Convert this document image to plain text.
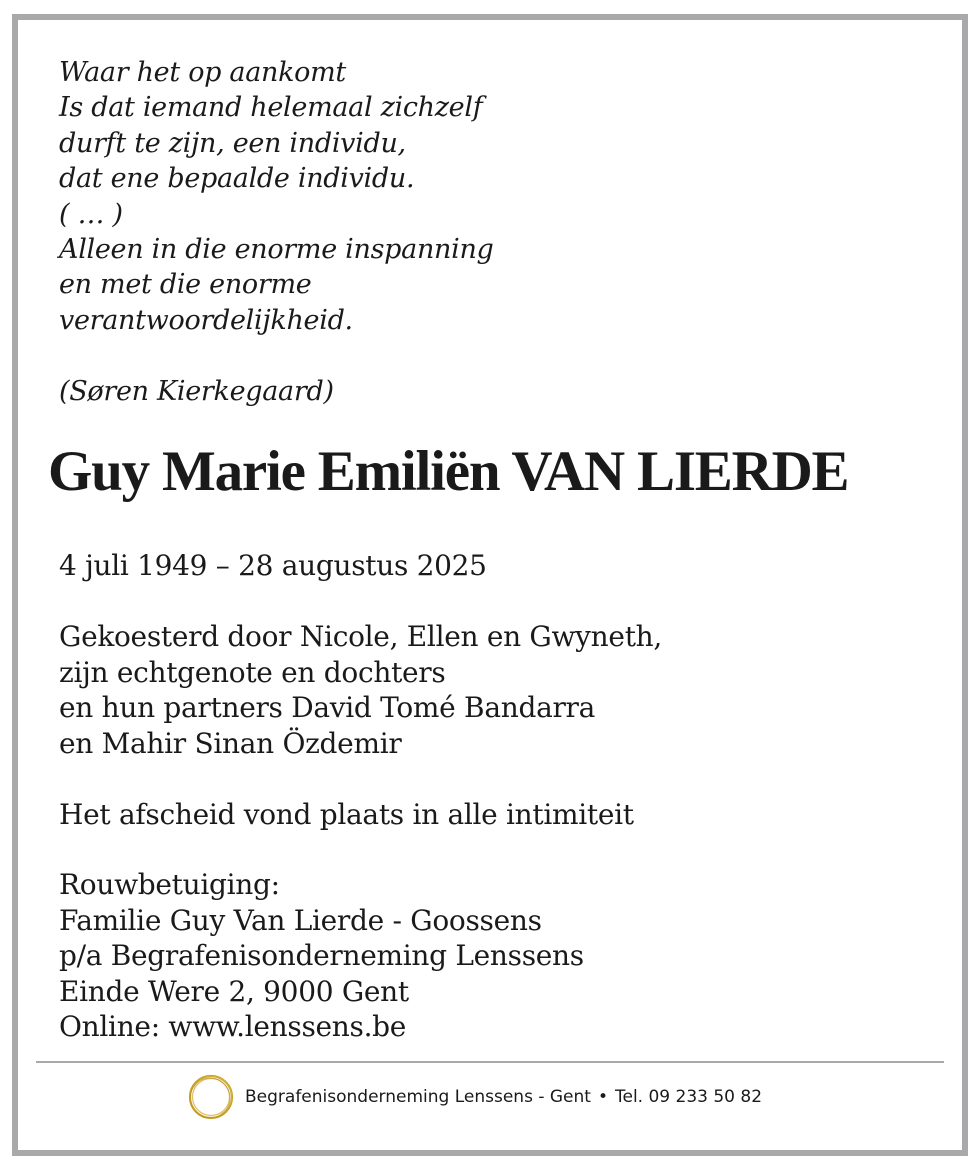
Waar het op aankomt
Is dat iemand helemaal zichzelf
durft te zijn, een individu,
dat ene bepaalde individu.
( … )
Alleen in die enorme inspanning
en met die enorme
verantwoordelijkheid.
(Søren Kierkegaard)
Guy Marie Emiliën VAN LIERDE
4 juli 1949 – 28 augustus 2025
Gekoesterd door Nicole, Ellen en Gwyneth,
zijn echtgenote en dochters
en hun partners David Tomé Bandarra
en Mahir Sinan Özdemir
Het afscheid vond plaats in alle intimiteit
Rouwbetuiging:
Familie Guy Van Lierde - Goossens
p/a Begrafenisonderneming Lenssens
Einde Were 2, 9000 Gent
Online: www.lenssens.be
Begrafenisonderneming Lenssens - Gent • Tel. 09 233 50 82
